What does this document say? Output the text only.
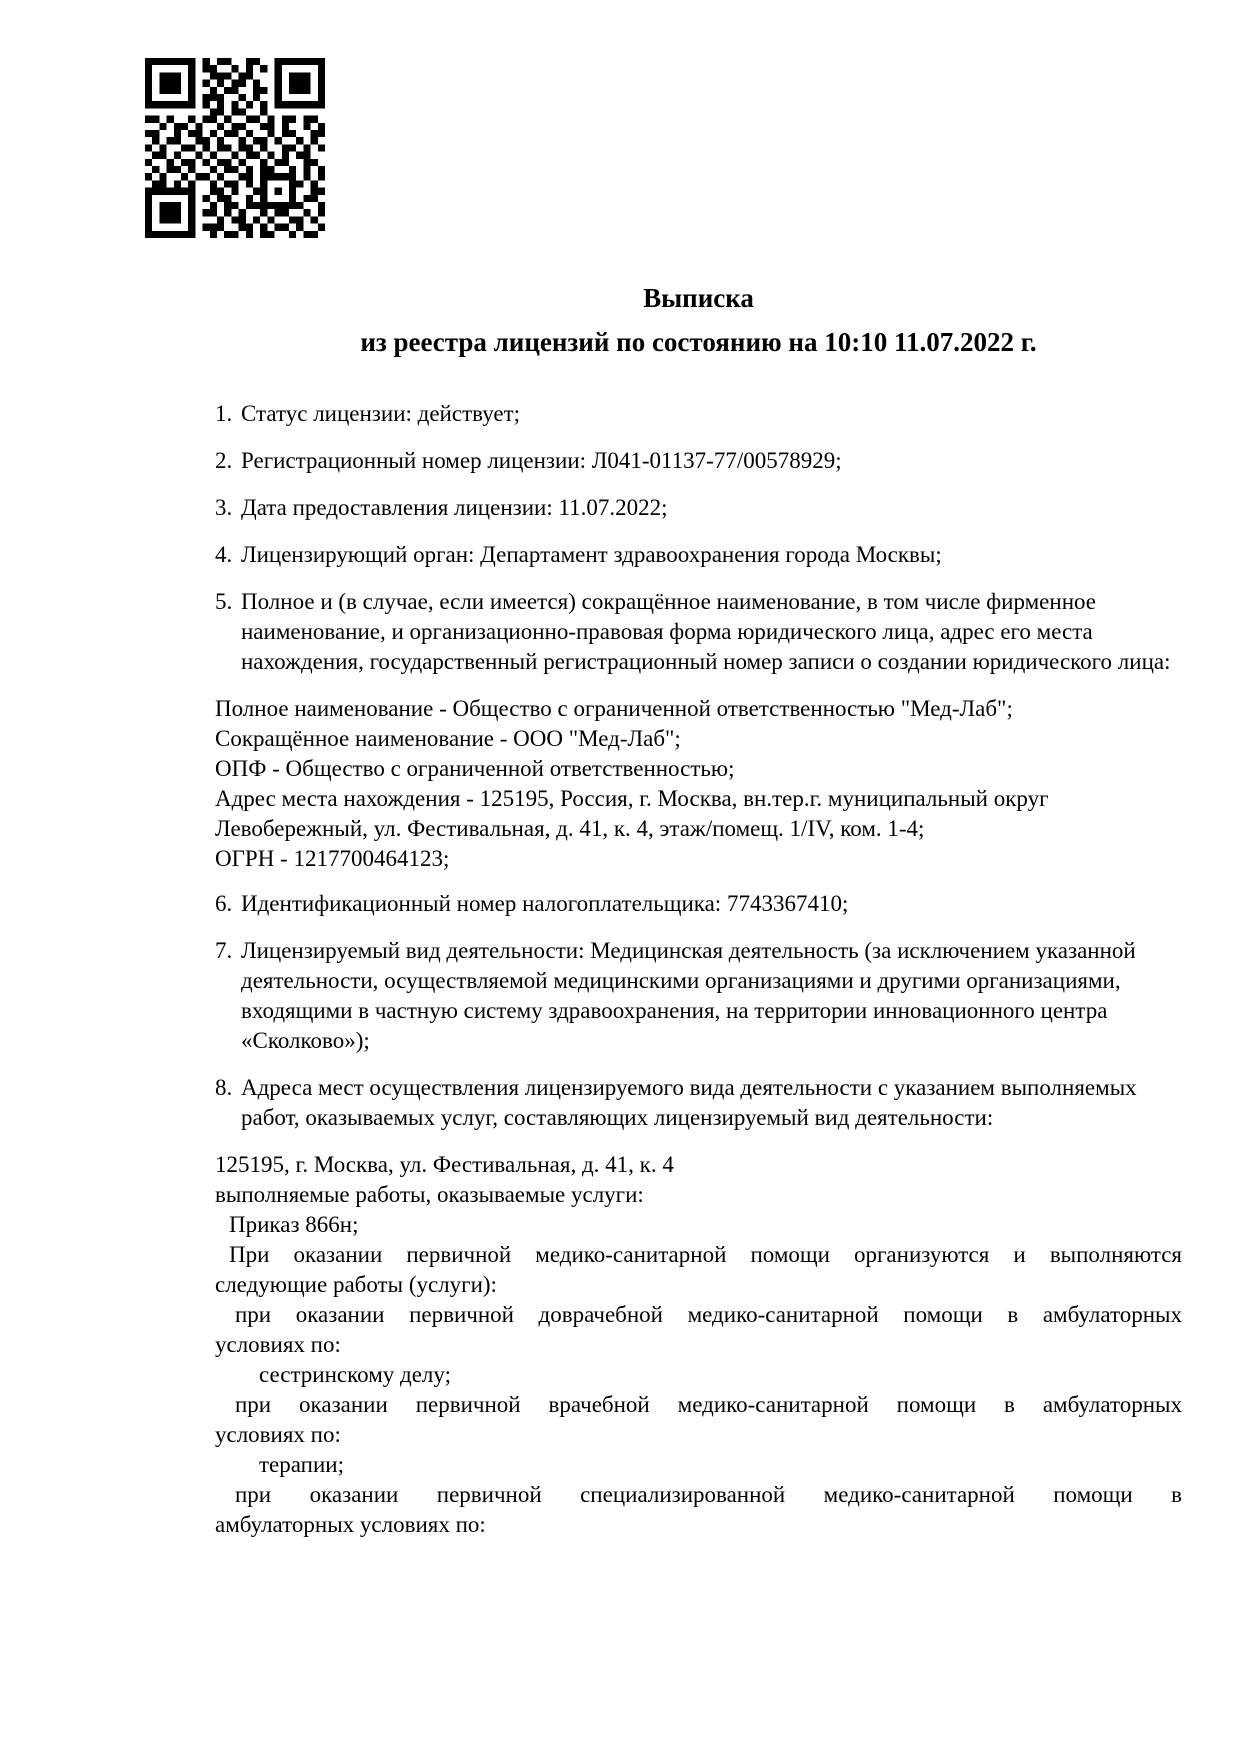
Выписка
из реестра лицензий по состоянию на 10:10 11.07.2022 г.
1. Статус лицензии: действует;
2. Регистрационный номер лицензии: Л041-01137-77/00578929;
3. Дата предоставления лицензии: 11.07.2022;
4. Лицензирующий орган: Департамент здравоохранения города Москвы;
5. Полное и (в случае, если имеется) сокращённое наименование, в том числе фирменное наименование, и организационно-правовая форма юридического лица, адрес его места нахождения, государственный регистрационный номер записи о создании юридического лица:
Полное наименование - Общество с ограниченной ответственностью "Мед-Лаб";
Сокращённое наименование - ООО "Мед-Лаб";
ОПФ - Общество с ограниченной ответственностью;
Адрес места нахождения - 125195, Россия, г. Москва, вн.тер.г. муниципальный округ Левобережный, ул. Фестивальная, д. 41, к. 4, этаж/помещ. 1/IV, ком. 1-4;
ОГРН - 1217700464123;
6. Идентификационный номер налогоплательщика: 7743367410;
7. Лицензируемый вид деятельности: Медицинская деятельность (за исключением указанной деятельности, осуществляемой медицинскими организациями и другими организациями, входящими в частную систему здравоохранения, на территории инновационного центра «Сколково»);
8. Адреса мест осуществления лицензируемого вида деятельности с указанием выполняемых работ, оказываемых услуг, составляющих лицензируемый вид деятельности:
125195, г. Москва, ул. Фестивальная, д. 41, к. 4
выполняемые работы, оказываемые услуги:
Приказ 866н;
При оказании первичной медико-санитарной помощи организуются и выполняются
следующие работы (услуги):
при оказании первичной доврачебной медико-санитарной помощи в амбулаторных
условиях по:
сестринскому делу;
при оказании первичной врачебной медико-санитарной помощи в амбулаторных
условиях по:
терапии;
при оказании первичной специализированной медико-санитарной помощи в
амбулаторных условиях по:
